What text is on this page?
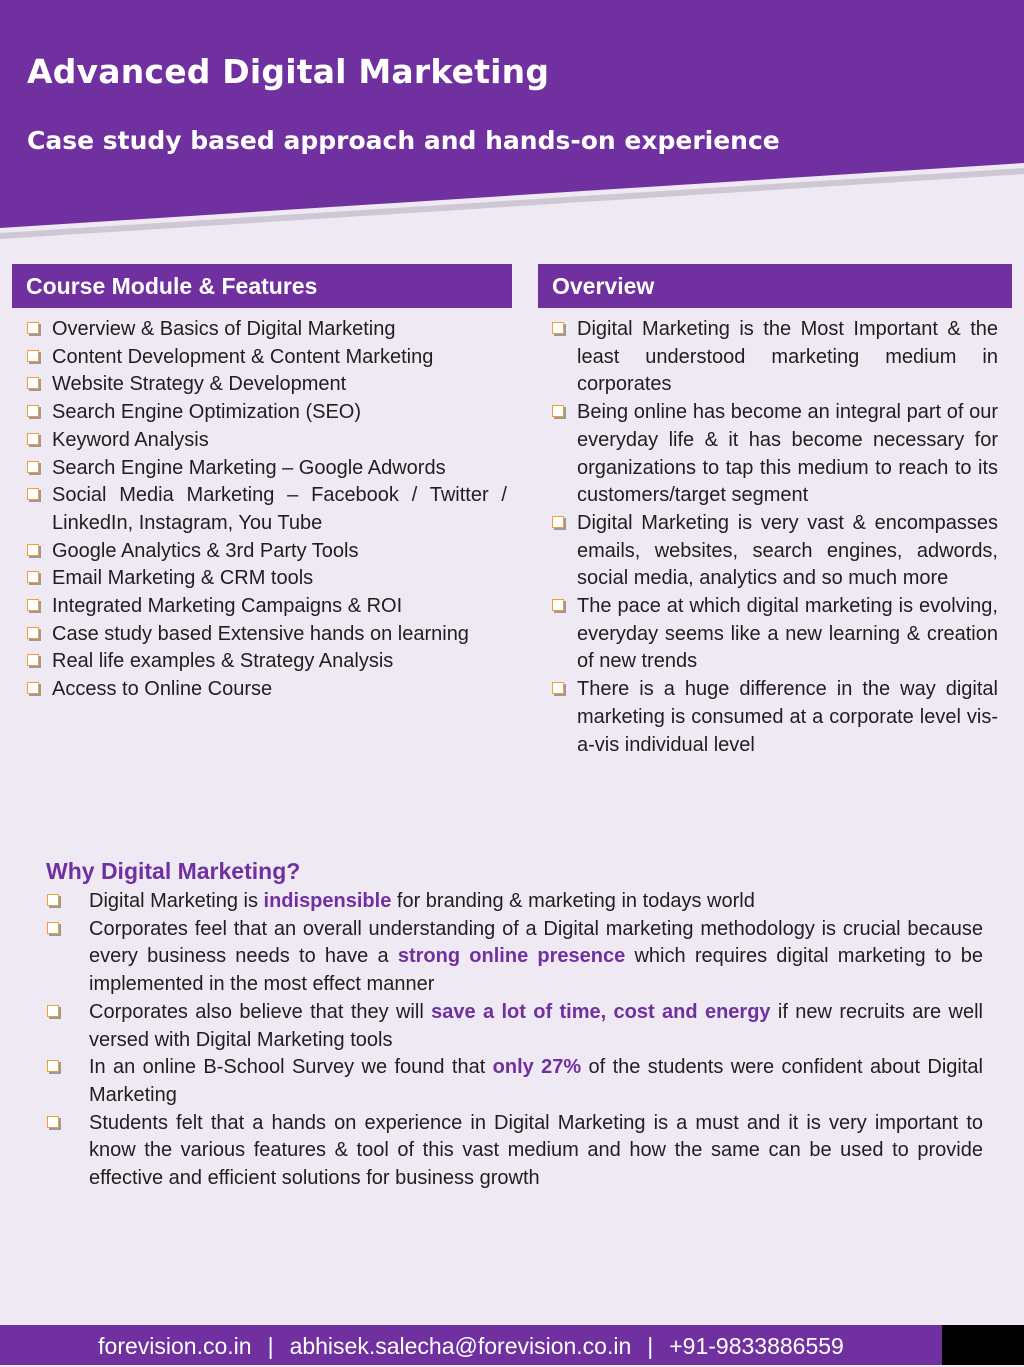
Advanced Digital Marketing
Case study based approach and hands-on experience
Course Module & Features
Overview & Basics of Digital Marketing
Content Development & Content Marketing
Website Strategy & Development
Search Engine Optimization (SEO)
Keyword Analysis
Search Engine Marketing – Google Adwords
Social Media Marketing – Facebook / Twitter / LinkedIn, Instagram, You Tube
Google Analytics & 3rd Party Tools
Email Marketing & CRM tools
Integrated Marketing Campaigns & ROI
Case study based Extensive hands on learning
Real life examples & Strategy Analysis
Access to Online Course
Overview
Digital Marketing is the Most Important & the least understood marketing medium in corporates
Being online has become an integral part of our everyday life & it has become necessary for organizations to tap this medium to reach to its customers/target segment
Digital Marketing is very vast & encompasses emails, websites, search engines, adwords, social media, analytics and so much more
The pace at which digital marketing is evolving, everyday seems like a new learning & creation of new trends
There is a huge difference in the way digital marketing is consumed at a corporate level vis-a-vis individual level
Why Digital Marketing?
Digital Marketing is indispensible for branding & marketing in todays world
Corporates feel that an overall understanding of a Digital marketing methodology is crucial because every business needs to have a strong online presence which requires digital marketing to be implemented in the most effect manner
Corporates also believe that they will save a lot of time, cost and energy if new recruits are well versed with Digital Marketing tools
In an online B-School Survey we found that only 27% of the students were confident about Digital Marketing
Students felt that a hands on experience in Digital Marketing is a must and it is very important to know the various features & tool of this vast medium and how the same can be used to provide effective and efficient solutions for business growth
forevision.co.in | abhisek.salecha@forevision.co.in | +91-9833886559
